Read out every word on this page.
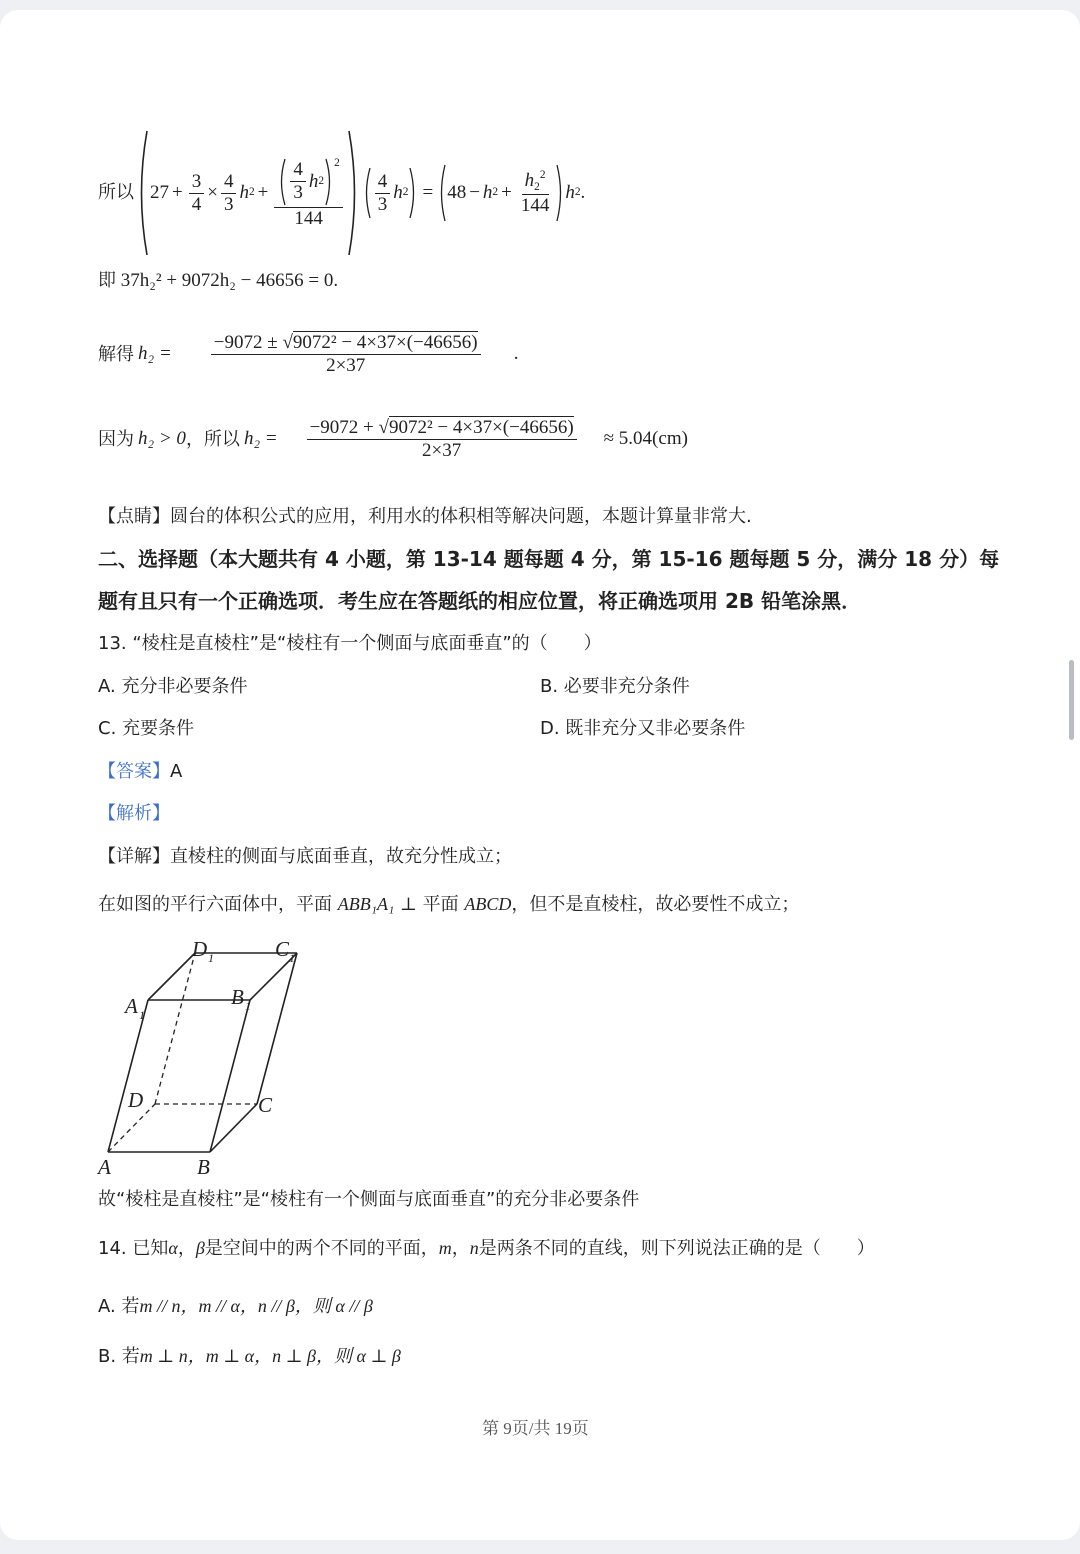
所以 $27 + \frac{3}{4} \times \frac{4}{3}$ h $2 + \frac{4}{3}$ h 2
2
$144 \frac{4}{3}$ h 2 = 48 − h $2 + \frac{h_2^2}{144}$ h 2 .
即 37h₂² + 9072h₂ − 46656 = 0.
解得 $h_2 = \frac{\text{−9072 ± √9072² − 4×37×(−46656)}}{2\times 37}$ .
因为 h₂ > 0 ，所以 $h_2 = \frac{\text{−9072 + √9072² − 4×37×(−46656)}}{2\times 37} \approx 5.04(cm)$
【点睛】圆台的体积公式的应用，利用水的体积相等解决问题，本题计算量非常大.
二、选择题（本大题共有 4 小题，第 13-14 题每题 4 分，第 15-16 题每题 5 分，满分 18 分）每
题有且只有一个正确选项．考生应在答题纸的相应位置，将正确选项用 2B 铅笔涂黑．
13. “棱柱是直棱柱”是“棱柱有一个侧面与底面垂直”的（　　）
A. 充分非必要条件	B. 必要非充分条件
C. 充要条件	D. 既非充分又非必要条件
【答案】A
【解析】
【详解】直棱柱的侧面与底面垂直，故充分性成立；
在如图的平行六面体中，平面 ABB₁A₁ ⊥ 平面 ABCD，但不是直棱柱，故必要性不成立；
A	B
C
D
A 1
B 1
D 1	C 1
故“棱柱是直棱柱”是“棱柱有一个侧面与底面垂直”的充分非必要条件
14. 已知α，β是空间中的两个不同的平面，m，n是两条不同的直线，则下列说法正确的是（　　）
A. 若m // n，m // α，n // β，则 α // β
B. 若m ⊥ n，m ⊥ α，n ⊥ β，则 α ⊥ β
第 9页/共 19页
